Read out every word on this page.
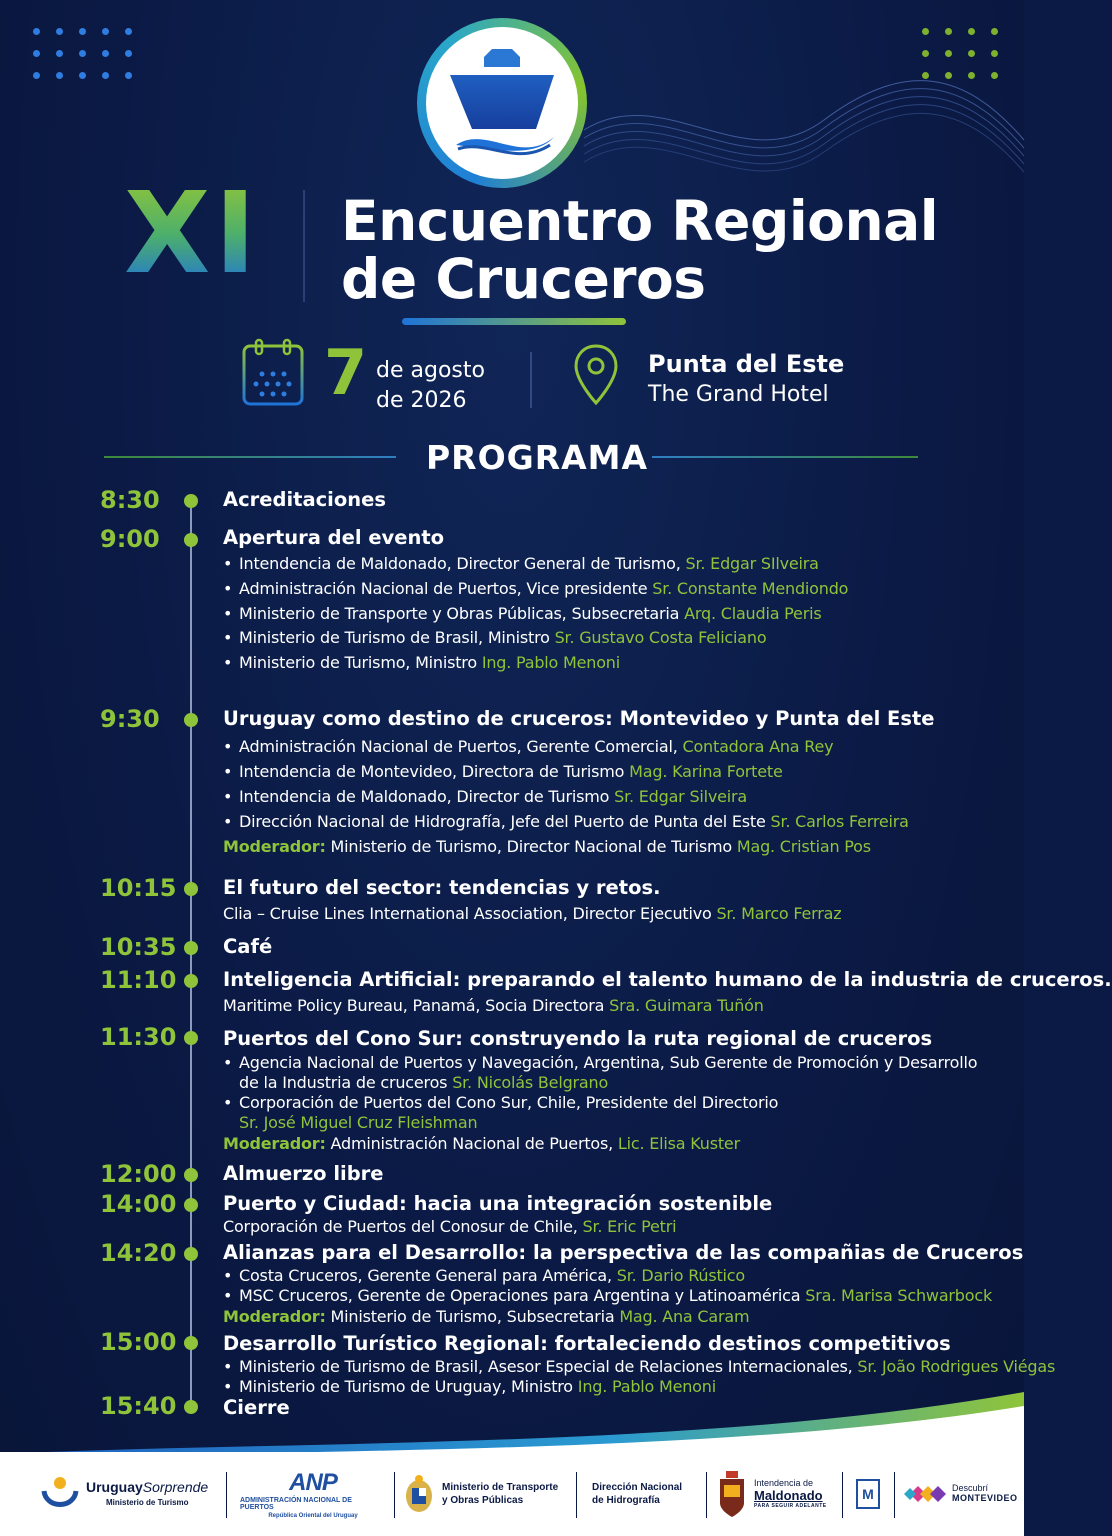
XI Encuentro Regional
de Cruceros
7 de agosto
de 2026
Punta del Este
The Grand Hotel
PROGRAMA
8:30	Acreditaciones
9:00	Apertura del evento
• Intendencia de Maldonado, Director General de Turismo, Sr. Edgar SIlveira
• Administración Nacional de Puertos, Vice presidente Sr. Constante Mendiondo
• Ministerio de Transporte y Obras Públicas, Subsecretaria Arq. Claudia Peris
• Ministerio de Turismo de Brasil, Ministro Sr. Gustavo Costa Feliciano
• Ministerio de Turismo, Ministro Ing. Pablo Menoni
9:30	Uruguay como destino de cruceros: Montevideo y Punta del Este
• Administración Nacional de Puertos, Gerente Comercial, Contadora Ana Rey
• Intendencia de Montevideo, Directora de Turismo Mag. Karina Fortete
• Intendencia de Maldonado, Director de Turismo Sr. Edgar Silveira
• Dirección Nacional de Hidrografía, Jefe del Puerto de Punta del Este Sr. Carlos Ferreira
Moderador: Ministerio de Turismo, Director Nacional de Turismo Mag. Cristian Pos
10:15 El futuro del sector: tendencias y retos.
Clia – Cruise Lines International Association, Director Ejecutivo Sr. Marco Ferraz
10:35 Café
11:10 Inteligencia Artificial: preparando el talento humano de la industria de cruceros.
Maritime Policy Bureau, Panamá, Socia Directora Sra. Guimara Tuñón
11:30 Puertos del Cono Sur: construyendo la ruta regional de cruceros
• Agencia Nacional de Puertos y Navegación, Argentina, Sub Gerente de Promoción y Desarrollo
de la Industria de cruceros Sr. Nicolás Belgrano
• Corporación de Puertos del Cono Sur, Chile, Presidente del Directorio
Sr. José Miguel Cruz Fleishman
Moderador: Administración Nacional de Puertos, Lic. Elisa Kuster
12:00 Almuerzo libre
14:00 Puerto y Ciudad: hacia una integración sostenible
Corporación de Puertos del Conosur de Chile, Sr. Eric Petri
14:20 Alianzas para el Desarrollo: la perspectiva de las compañias de Cruceros
• Costa Cruceros, Gerente General para América, Sr. Dario Rústico
• MSC Cruceros, Gerente de Operaciones para Argentina y Latinoamérica Sra. Marisa Schwarbock
Moderador: Ministerio de Turismo, Subsecretaria Mag. Ana Caram
15:00 Desarrollo Turístico Regional: fortaleciendo destinos competitivos
• Ministerio de Turismo de Brasil, Asesor Especial de Relaciones Internacionales, Sr. João Rodrigues Viégas
• Ministerio de Turismo de Uruguay, Ministro Ing. Pablo Menoni
15:40 Cierre
UruguaySorprende
Ministerio de Turismo
ANP
ADMINISTRACIÓN NACIONAL DE PUERTOS
República Oriental del Uruguay
Ministerio de Transporte
y Obras Públicas
Dirección Nacional
de Hidrografía
Intendencia de
Maldonado
PARA SEGUIR ADELANTE
M	Descubrí
MONTEVIDEO
